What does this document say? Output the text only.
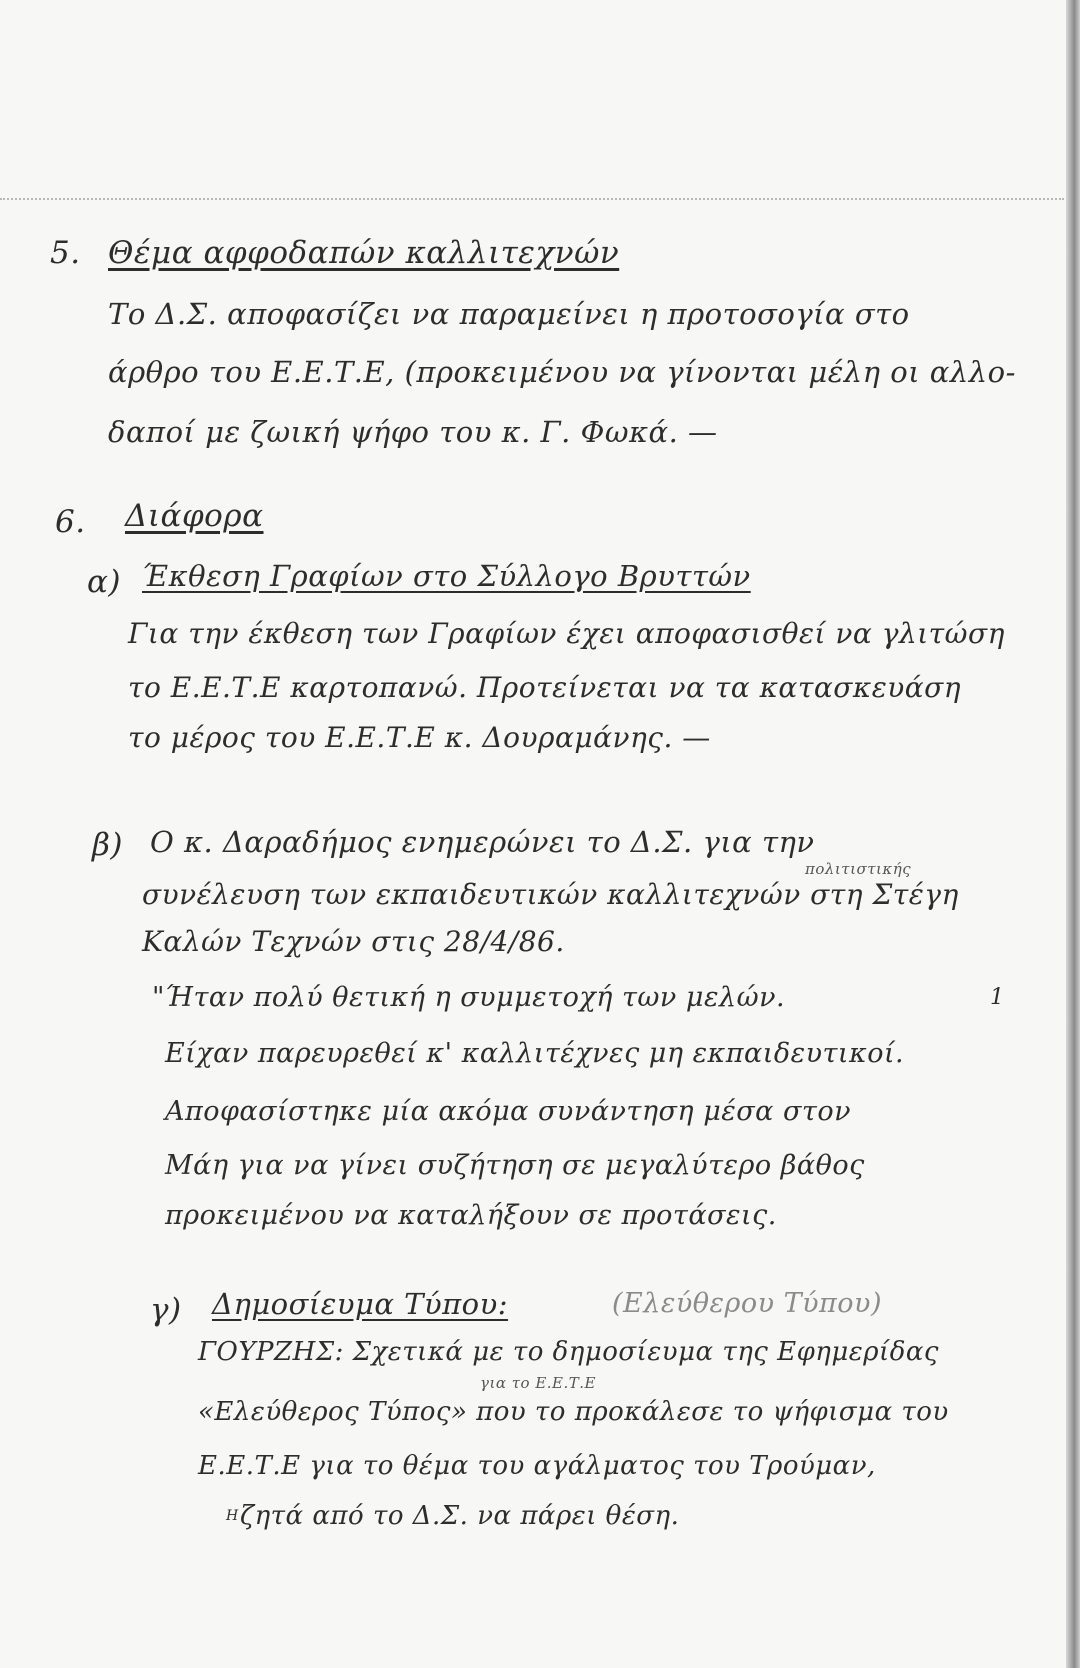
5. Θέμα αφφοδαπών καλλιτεχνών
Το Δ.Σ. αποφασίζει να παραμείνει η προτοσογία στο
άρθρο του Ε.Ε.Τ.Ε, (προκειμένου να γίνονται μέλη οι αλλο-
δαποί με ζωική ψήφο του κ. Γ. Φωκά. —
6. Διάφορα
α) Έκθεση Γραφίων στο Σύλλογο Βρυττών
Για την έκθεση των Γραφίων έχει αποφασισθεί να γλιτώση
το Ε.Ε.Τ.Ε καρτοπανώ. Προτείνεται να τα κατασκευάση
το μέρος του Ε.Ε.Τ.Ε κ. Δουραμάνης. —
β) Ο κ. Δαραδήμος ενημερώνει το Δ.Σ. για την
πολιτιστικής
συνέλευση των εκπαιδευτικών καλλιτεχνών στη Στέγη
Καλών Τεχνών στις 28/4/86.
"Ήταν πολύ θετική η συμμετοχή των μελών.	1
Είχαν παρευρεθεί κ' καλλιτέχνες μη εκπαιδευτικοί.
Αποφασίστηκε μία ακόμα συνάντηση μέσα στον
Μάη για να γίνει συζήτηση σε μεγαλύτερο βάθος
προκειμένου να καταλήξουν σε προτάσεις.
γ) Δημοσίευμα Τύπου:	(Ελεύθερου Τύπου)
ΓΟΥΡΖΗΣ: Σχετικά με το δημοσίευμα της Εφημερίδας
για το Ε.Ε.Τ.Ε
«Ελεύθερος Τύπος» που το προκάλεσε το ψήφισμα του
Ε.Ε.Τ.Ε για το θέμα του αγάλματος του Τρούμαν,
Η ζητά από το Δ.Σ. να πάρει θέση.
